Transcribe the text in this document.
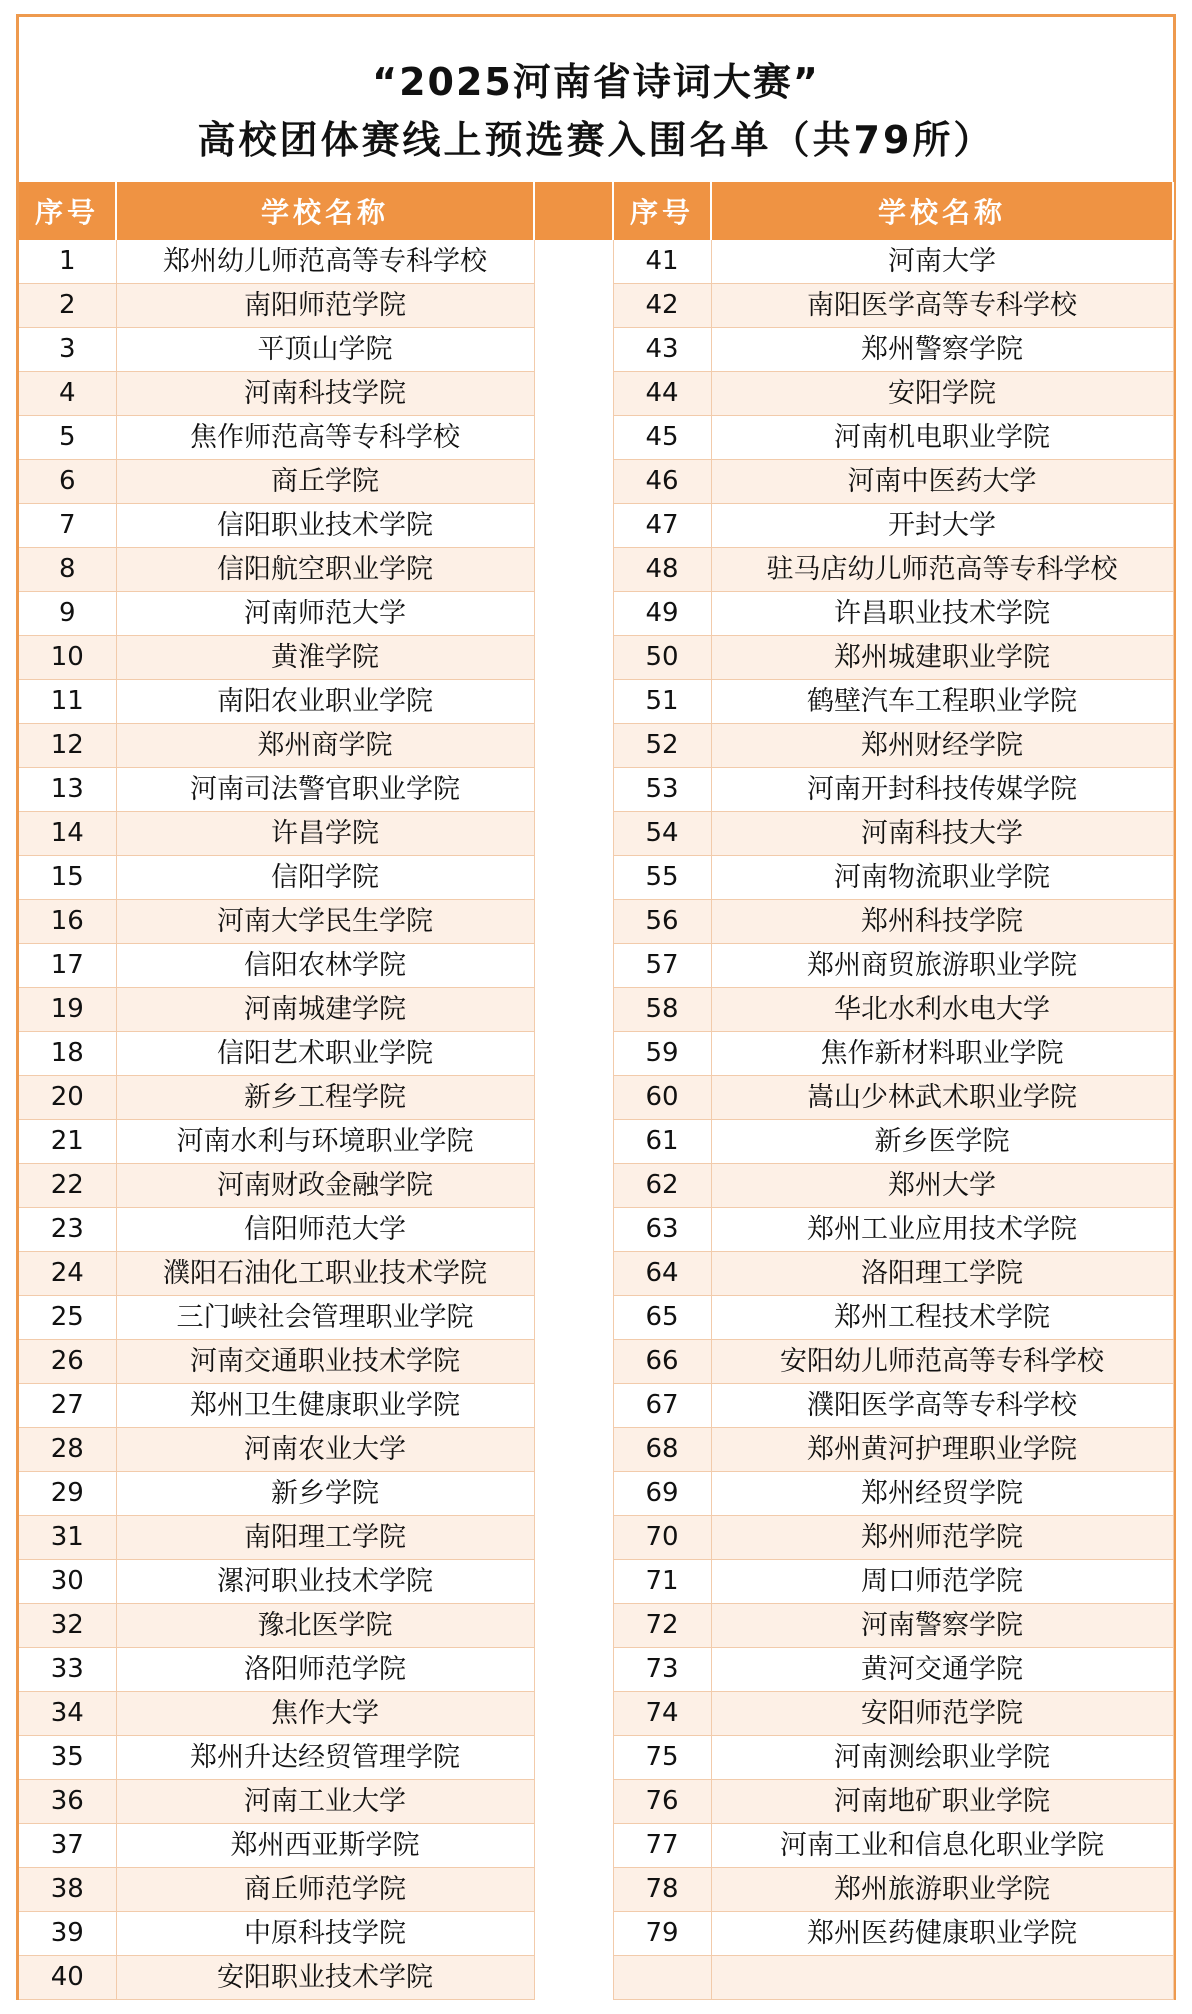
“2025河南省诗词大赛”
高校团体赛线上预选赛入围名单（共79所）
序号	学校名称		序号	学校名称
1	郑州幼儿师范高等专科学校		41	河南大学
2	南阳师范学院		42	南阳医学高等专科学校
3	平顶山学院		43	郑州警察学院
4	河南科技学院		44	安阳学院
5	焦作师范高等专科学校		45	河南机电职业学院
6	商丘学院		46	河南中医药大学
7	信阳职业技术学院		47	开封大学
8	信阳航空职业学院		48	驻马店幼儿师范高等专科学校
9	河南师范大学		49	许昌职业技术学院
10	黄淮学院		50	郑州城建职业学院
11	南阳农业职业学院		51	鹤壁汽车工程职业学院
12	郑州商学院		52	郑州财经学院
13	河南司法警官职业学院		53	河南开封科技传媒学院
14	许昌学院		54	河南科技大学
15	信阳学院		55	河南物流职业学院
16	河南大学民生学院		56	郑州科技学院
17	信阳农林学院		57	郑州商贸旅游职业学院
19	河南城建学院		58	华北水利水电大学
18	信阳艺术职业学院		59	焦作新材料职业学院
20	新乡工程学院		60	嵩山少林武术职业学院
21	河南水利与环境职业学院		61	新乡医学院
22	河南财政金融学院		62	郑州大学
23	信阳师范大学		63	郑州工业应用技术学院
24	濮阳石油化工职业技术学院		64	洛阳理工学院
25	三门峡社会管理职业学院		65	郑州工程技术学院
26	河南交通职业技术学院		66	安阳幼儿师范高等专科学校
27	郑州卫生健康职业学院		67	濮阳医学高等专科学校
28	河南农业大学		68	郑州黄河护理职业学院
29	新乡学院		69	郑州经贸学院
31	南阳理工学院		70	郑州师范学院
30	漯河职业技术学院		71	周口师范学院
32	豫北医学院		72	河南警察学院
33	洛阳师范学院		73	黄河交通学院
34	焦作大学		74	安阳师范学院
35	郑州升达经贸管理学院		75	河南测绘职业学院
36	河南工业大学		76	河南地矿职业学院
37	郑州西亚斯学院		77	河南工业和信息化职业学院
38	商丘师范学院		78	郑州旅游职业学院
39	中原科技学院		79	郑州医药健康职业学院
40	安阳职业技术学院			
